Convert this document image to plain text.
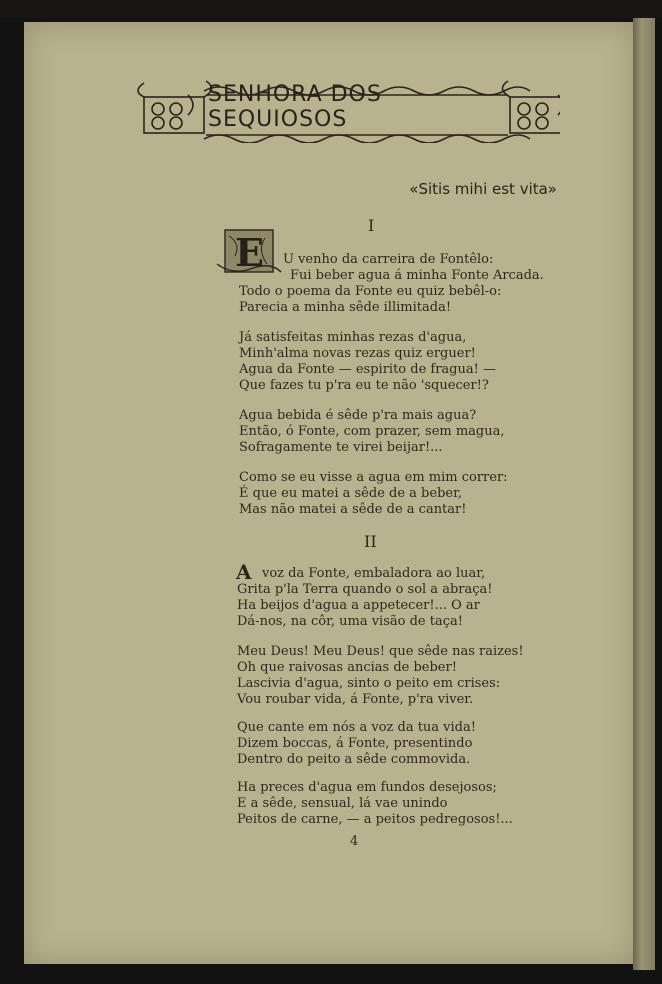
SENHORA DOS SEQUIOSOS
«Sitis mihi est vita»
I
E U venho da carreira de Fontêlo:
Fui beber agua á minha Fonte Arcada.
Todo o poema da Fonte eu quiz bebêl-o:
Parecia a minha sêde illimitada!
Já satisfeitas minhas rezas d'agua,
Minh'alma novas rezas quiz erguer!
Agua da Fonte — espirito de fragua! —
Que fazes tu p'ra eu te não 'squecer!?
Agua bebida é sêde p'ra mais agua?
Então, ó Fonte, com prazer, sem magua,
Sofragamente te virei beijar!...
Como se eu visse a agua em mim correr:
É que eu matei a sêde de a beber,
Mas não matei a sêde de a cantar!
II
A voz da Fonte, embaladora ao luar,
Grita p'la Terra quando o sol a abraça!
Ha beijos d'agua a appetecer!... O ar
Dá-nos, na côr, uma visão de taça!
Meu Deus! Meu Deus! que sêde nas raizes!
Oh que raivosas ancias de beber!
Lascivia d'agua, sinto o peito em crises:
Vou roubar vida, á Fonte, p'ra viver.
Que cante em nós a voz da tua vida!
Dizem boccas, á Fonte, presentindo
Dentro do peito a sêde commovida.
Ha preces d'agua em fundos desejosos;
E a sêde, sensual, lá vae unindo
Peitos de carne, — a peitos pedregosos!...
4
